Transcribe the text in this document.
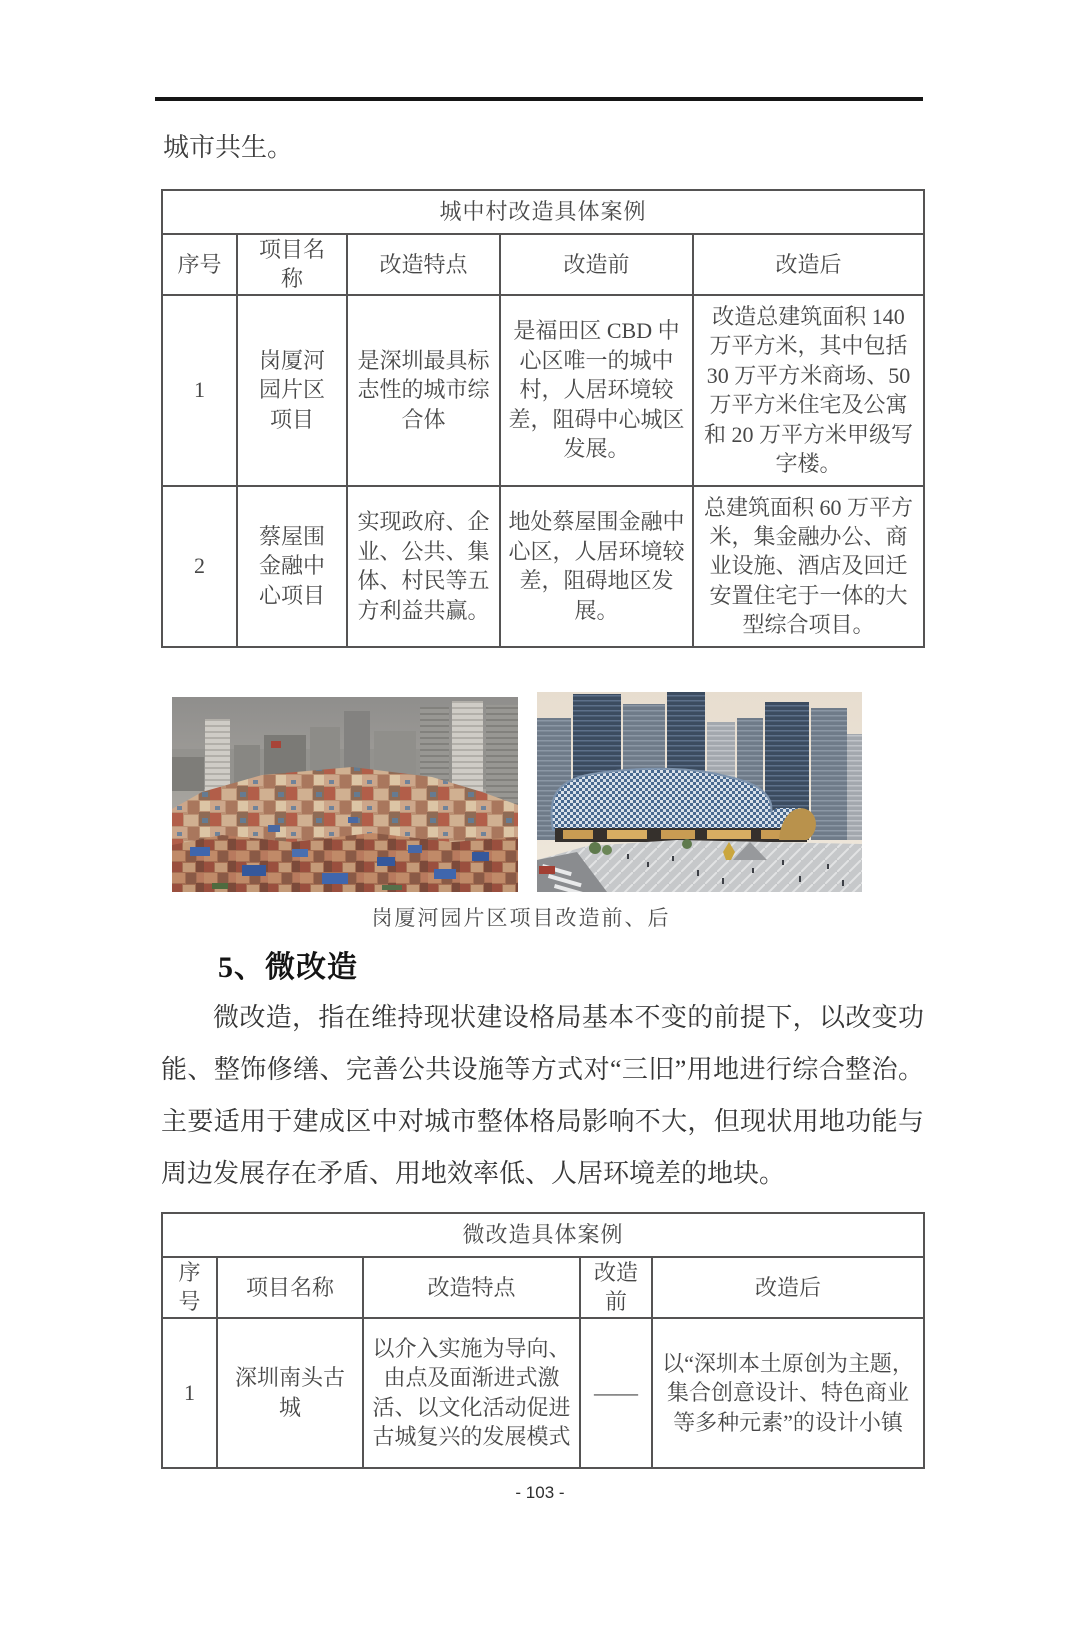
城市共生。

城中村改造具体案例				
序号	项目名称	改造特点	改造前	改造后
1	岗厦河园片区项目	是深圳最具标志性的城市综合体	是福田区 CBD 中心区唯一的城中村，人居环境较差，阻碍中心城区发展。	改造总建筑面积 140 万平方米，其中包括 30 万平方米商场、50 万平方米住宅及公寓和 20 万平方米甲级写字楼。
2	蔡屋围金融中心项目	实现政府、企业、公共、集体、村民等五方利益共赢。	地处蔡屋围金融中心区，人居环境较差，阻碍地区发展。	总建筑面积 60 万平方米，集金融办公、商业设施、酒店及回迁安置住宅于一体的大型综合项目。
岗厦河园片区项目改造前、后
5、微改造

微改造，指在维持现状建设格局基本不变的前提下，以改变功能、整饰修缮、完善公共设施等方式对“三旧”用地进行综合整治。主要适用于建成区中对城市整体格局影响不大，但现状用地功能与周边发展存在矛盾、用地效率低、人居环境差的地块。

微改造具体案例				
序号	项目名称	改造特点	改造前	改造后
1	深圳南头古城	以介入实施为导向、由点及面渐进式激活、以文化活动促进古城复兴的发展模式	——	以“深圳本土原创为主题，集合创意设计、特色商业等多种元素”的设计小镇
- 103 -
